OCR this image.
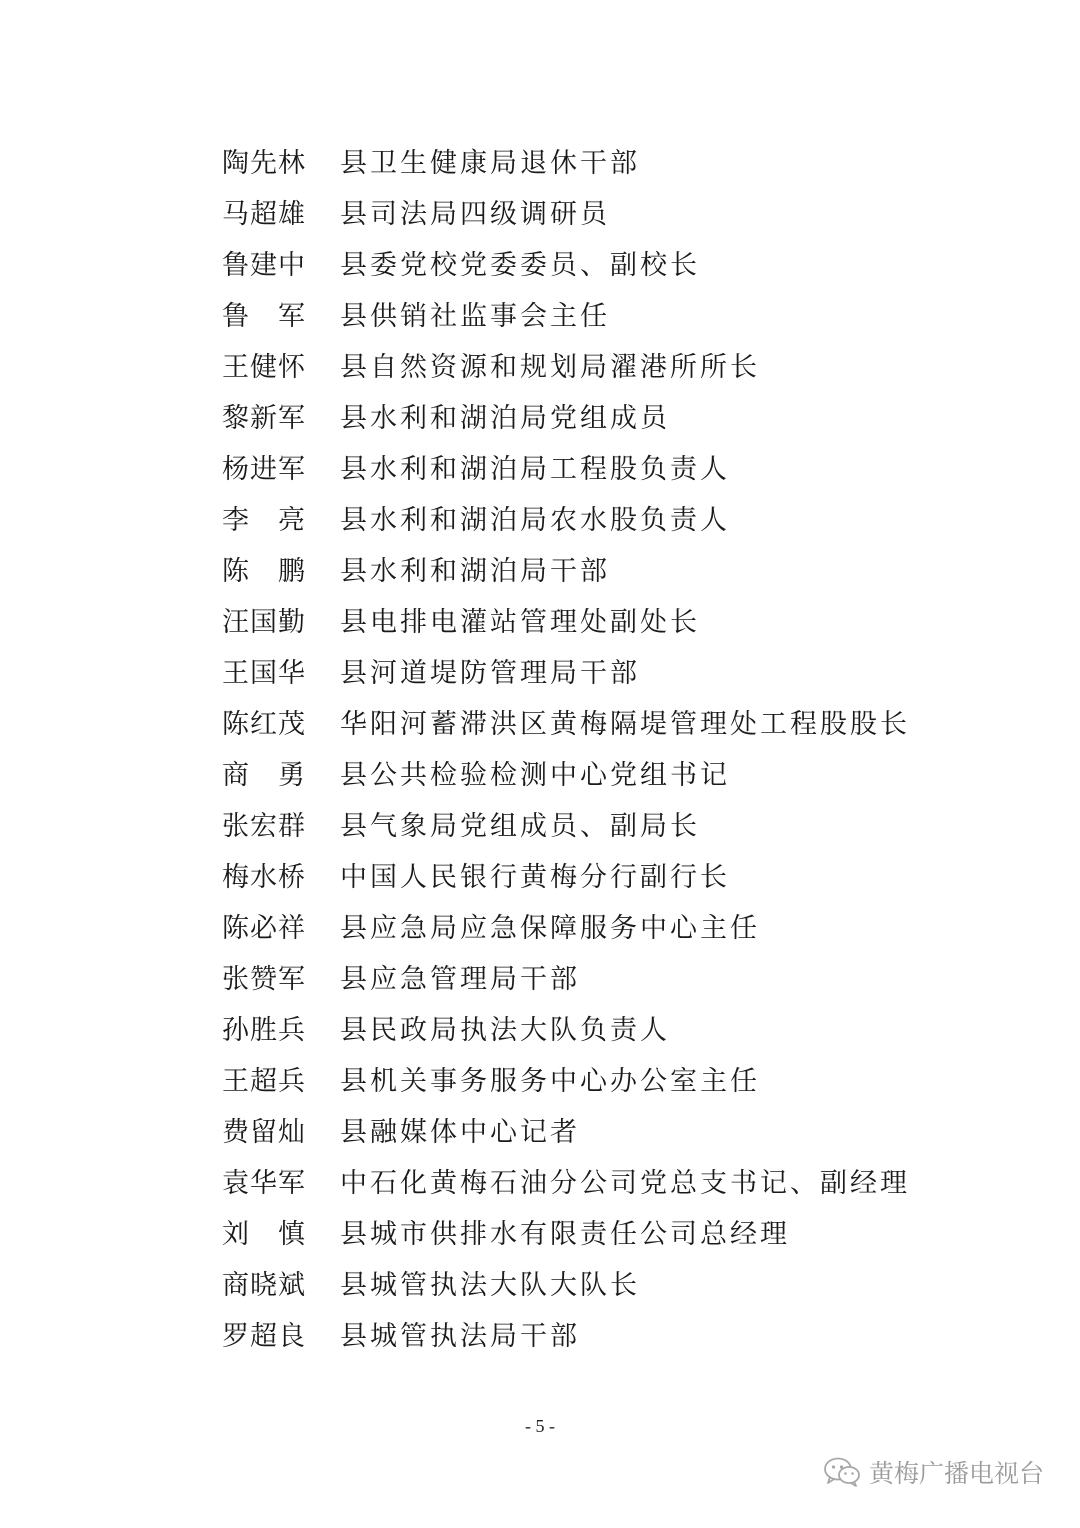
陶 先 林 县卫生健康局退休干部
马 超 雄 县司法局四级调研员
鲁 建 中 县委党校党委委员、副校长
鲁 军 县供销社监事会主任
王 健 怀 县自然资源和规划局濯港所所长
黎 新 军 县水利和湖泊局党组成员
杨 进 军 县水利和湖泊局工程股负责人
李 亮 县水利和湖泊局农水股负责人
陈 鹏 县水利和湖泊局干部
汪 国 勤 县电排电灌站管理处副处长
王 国 华 县河道堤防管理局干部
陈 红 茂 华阳河蓄滞洪区黄梅隔堤管理处工程股股长
商 勇 县公共检验检测中心党组书记
张 宏 群 县气象局党组成员、副局长
梅 水 桥 中国人民银行黄梅分行副行长
陈 必 祥 县应急局应急保障服务中心主任
张 赞 军 县应急管理局干部
孙 胜 兵 县民政局执法大队负责人
王 超 兵 县机关事务服务中心办公室主任
费 留 灿 县融媒体中心记者
袁 华 军 中石化黄梅石油分公司党总支书记、副经理
刘 慎 县城市供排水有限责任公司总经理
商 晓 斌 县城管执法大队大队长
罗 超 良 县城管执法局干部
- 5 -
黄梅广播电视台
